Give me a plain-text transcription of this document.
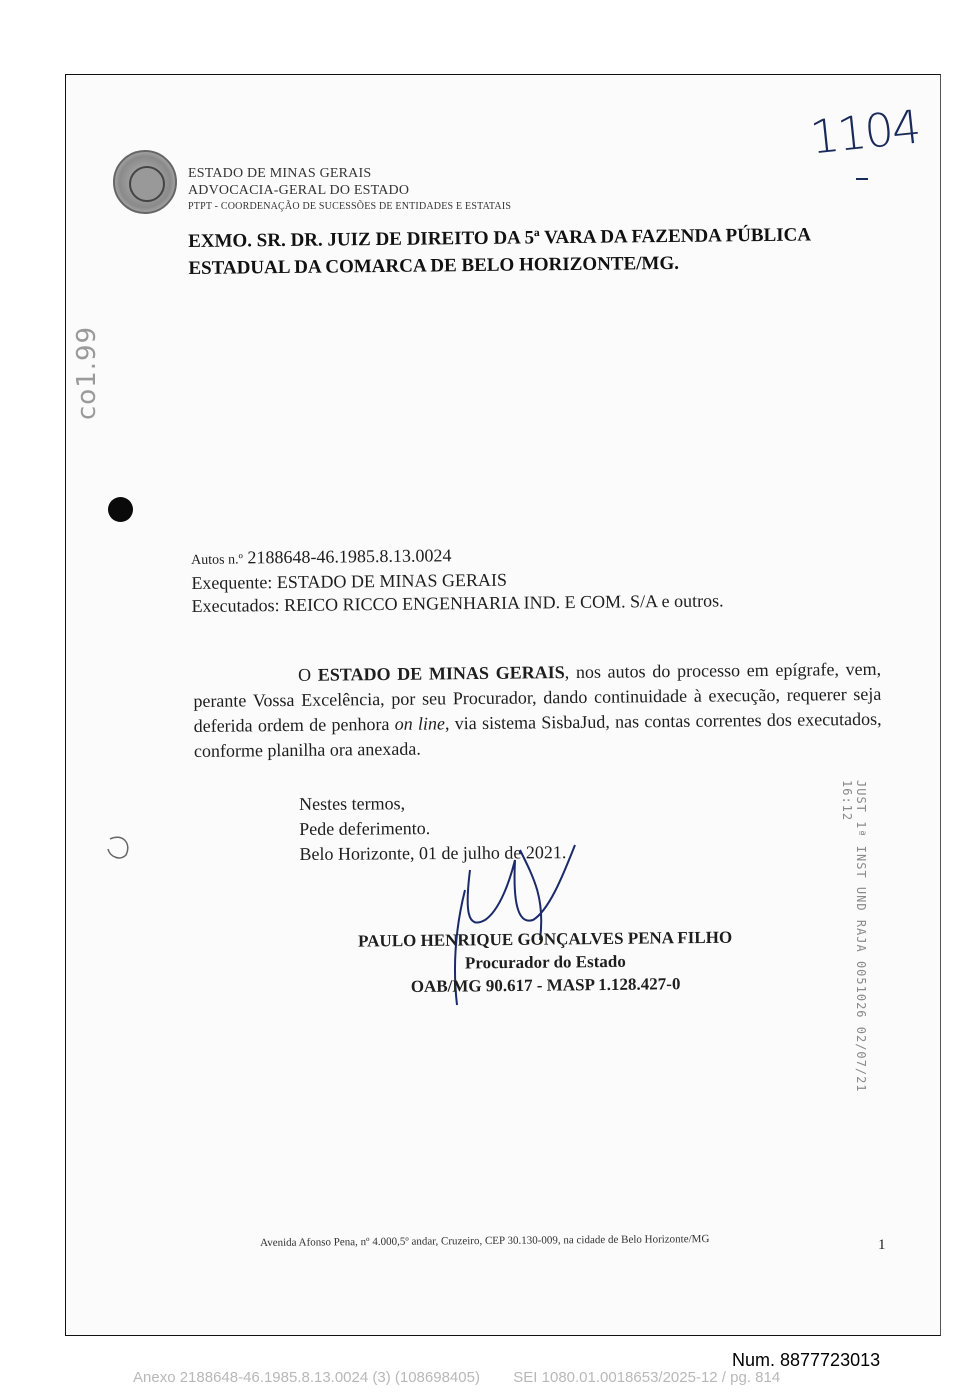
ESTADO DE MINAS GERAIS
ADVOCACIA-GERAL DO ESTADO
PTPT - COORDENAÇÃO DE SUCESSÕES DE ENTIDADES E ESTATAIS
1104
co1.99
EXMO. SR. DR. JUIZ DE DIREITO DA 5ª VARA DA FAZENDA PÚBLICA
ESTADUAL DA COMARCA DE BELO HORIZONTE/MG.
Autos n.º 2188648-46.1985.8.13.0024
Exequente: ESTADO DE MINAS GERAIS
Executados: REICO RICCO ENGENHARIA IND. E COM. S/A e outros.
O ESTADO DE MINAS GERAIS, nos autos do processo em epígrafe, vem, perante Vossa Excelência, por seu Procurador, dando continuidade à execução, requerer seja deferida ordem de penhora on line, via sistema SisbaJud, nas contas correntes dos executados, conforme planilha ora anexada.
Nestes termos,
Pede deferimento.
Belo Horizonte, 01 de julho de 2021.
PAULO HENRIQUE GONÇALVES PENA FILHO
Procurador do Estado
OAB/MG 90.617 - MASP 1.128.427-0	JUST 1ª INST UND RAJA 0051026 02/07/21 16:12
Avenida Afonso Pena, nº 4.000,5º andar, Cruzeiro, CEP 30.130-009, na cidade de Belo Horizonte/MG	1
Num. 8877723013
Anexo 2188648-46.1985.8.13.0024 (3) (108698405)        SEI 1080.01.0018653/2025-12 / pg. 814
